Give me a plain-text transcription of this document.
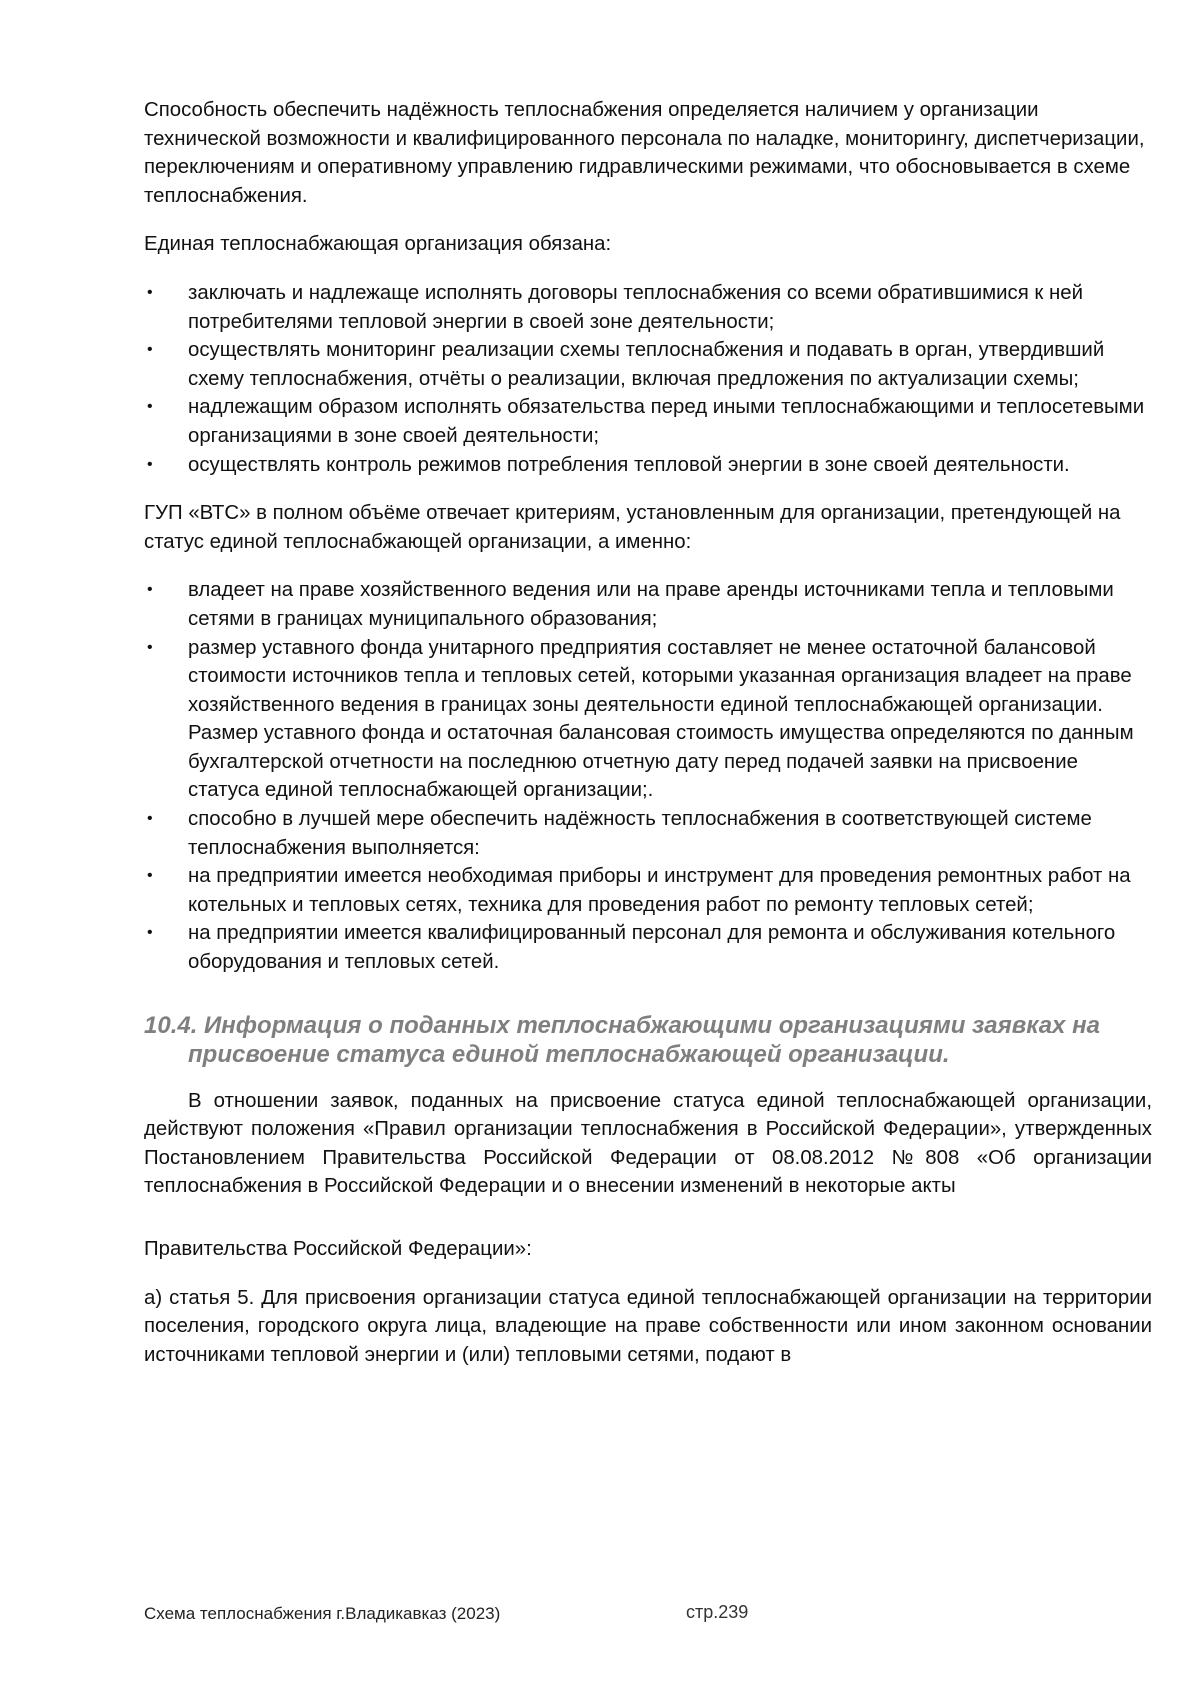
Способность обеспечить надёжность теплоснабжения определяется наличием у организации технической возможности и квалифицированного персонала по наладке, мониторингу, диспетчеризации, переключениям и оперативному управлению гидравлическими режимами, что обосновывается в схеме теплоснабжения.

Единая теплоснабжающая организация обязана:

• заключать и надлежаще исполнять договоры теплоснабжения со всеми обратившимися к ней потребителями тепловой энергии в своей зоне деятельности;
• осуществлять мониторинг реализации схемы теплоснабжения и подавать в орган, утвердивший схему теплоснабжения, отчёты о реализации, включая предложения по актуализации схемы;
• надлежащим образом исполнять обязательства перед иными теплоснабжающими и теплосетевыми организациями в зоне своей деятельности;
• осуществлять контроль режимов потребления тепловой энергии в зоне своей деятельности.

ГУП «ВТС» в полном объёме отвечает критериям, установленным для организации, претендующей на статус единой теплоснабжающей организации, а именно:

• владеет на праве хозяйственного ведения или на праве аренды источниками тепла и тепловыми сетями в границах муниципального образования;
• размер уставного фонда унитарного предприятия составляет не менее остаточной балансовой стоимости источников тепла и тепловых сетей, которыми указанная организация владеет на праве хозяйственного ведения в границах зоны деятельности единой теплоснабжающей организации. Размер уставного фонда и остаточная балансовая стоимость имущества определяются по данным бухгалтерской отчетности на последнюю отчетную дату перед подачей заявки на присвоение статуса единой теплоснабжающей организации;.
• способно в лучшей мере обеспечить надёжность теплоснабжения в соответствующей системе теплоснабжения выполняется:
• на предприятии имеется необходимая приборы и инструмент для проведения ремонтных работ на котельных и тепловых сетях, техника для проведения работ по ремонту тепловых сетей;
• на предприятии имеется квалифицированный персонал для ремонта и обслуживания котельного оборудования и тепловых сетей.
10.4. Информация о поданных теплоснабжающими организациями заявках на присвоение статуса единой теплоснабжающей организации.

В отношении заявок, поданных на присвоение статуса единой теплоснабжающей организации, действуют положения «Правил организации теплоснабжения в Российской Федерации», утвержденных Постановлением Правительства Российской Федерации от 08.08.2012 №808 «Об организации теплоснабжения в Российской Федерации и о внесении изменений в некоторые акты

Правительства Российской Федерации»:

а) статья 5. Для присвоения организации статуса единой теплоснабжающей организации на территории поселения, городского округа лица, владеющие на праве собственности или ином законном основании источниками тепловой энергии и (или) тепловыми сетями, подают в

Схема теплоснабжения г.Владикавказ (2023)	стр.239
